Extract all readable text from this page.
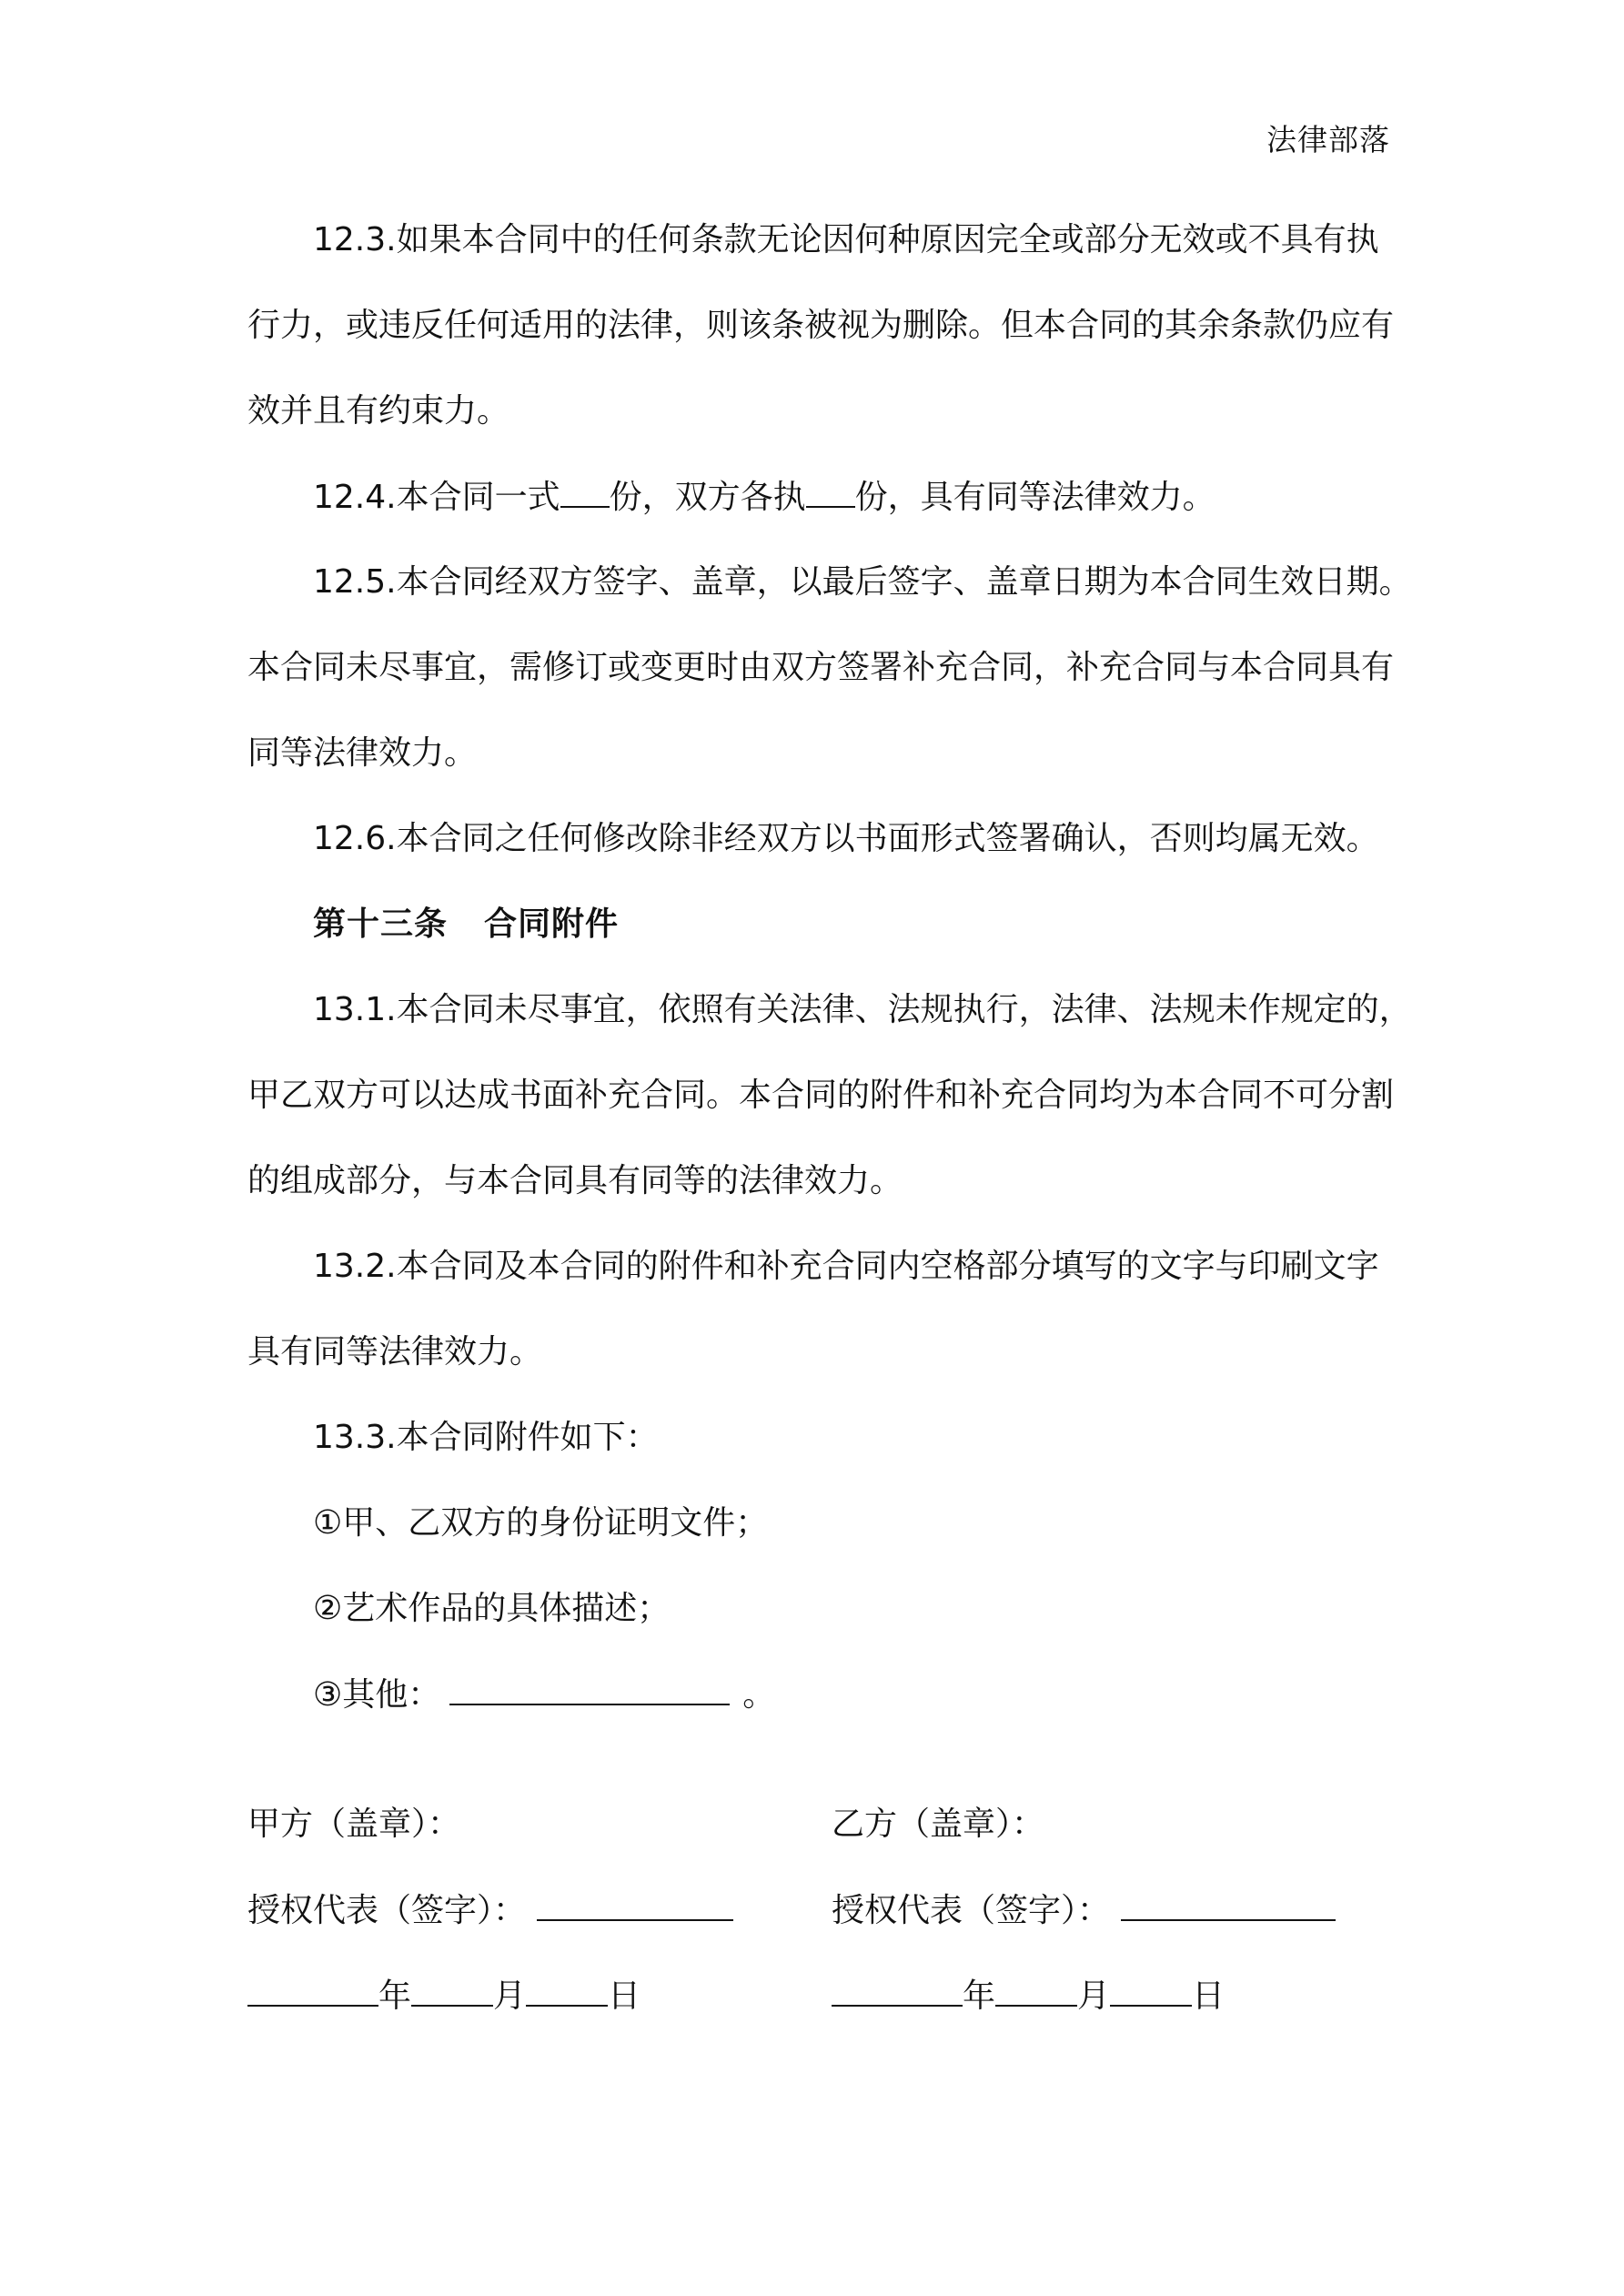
法律部落
12.3.如果本合同中的任何条款无论因何种原因完全或部分无效或不具有执
行力，或违反任何适用的法律，则该条被视为删除。但本合同的其余条款仍应有
效并且有约束力。
12.4.本合同一式 份，双方各执 份，具有同等法律效力。
12.5.本合同经双方签字、盖章，以最后签字、盖章日期为本合同生效日期。
本合同未尽事宜，需修订或变更时由双方签署补充合同，补充合同与本合同具有
同等法律效力。
12.6.本合同之任何修改除非经双方以书面形式签署确认，否则均属无效。
第十三条 合同附件
13.1.本合同未尽事宜，依照有关法律、法规执行，法律、法规未作规定的，
甲乙双方可以达成书面补充合同。本合同的附件和补充合同均为本合同不可分割
的组成部分，与本合同具有同等的法律效力。
13.2.本合同及本合同的附件和补充合同内空格部分填写的文字与印刷文字
具有同等法律效力。
13.3.本合同附件如下：
①甲、乙双方的身份证明文件；
②艺术作品的具体描述；
③其他：	。
甲方（盖章）：
授权代表（签字）：
年	月	日
乙方（盖章）：
授权代表（签字）：
年	月	日
